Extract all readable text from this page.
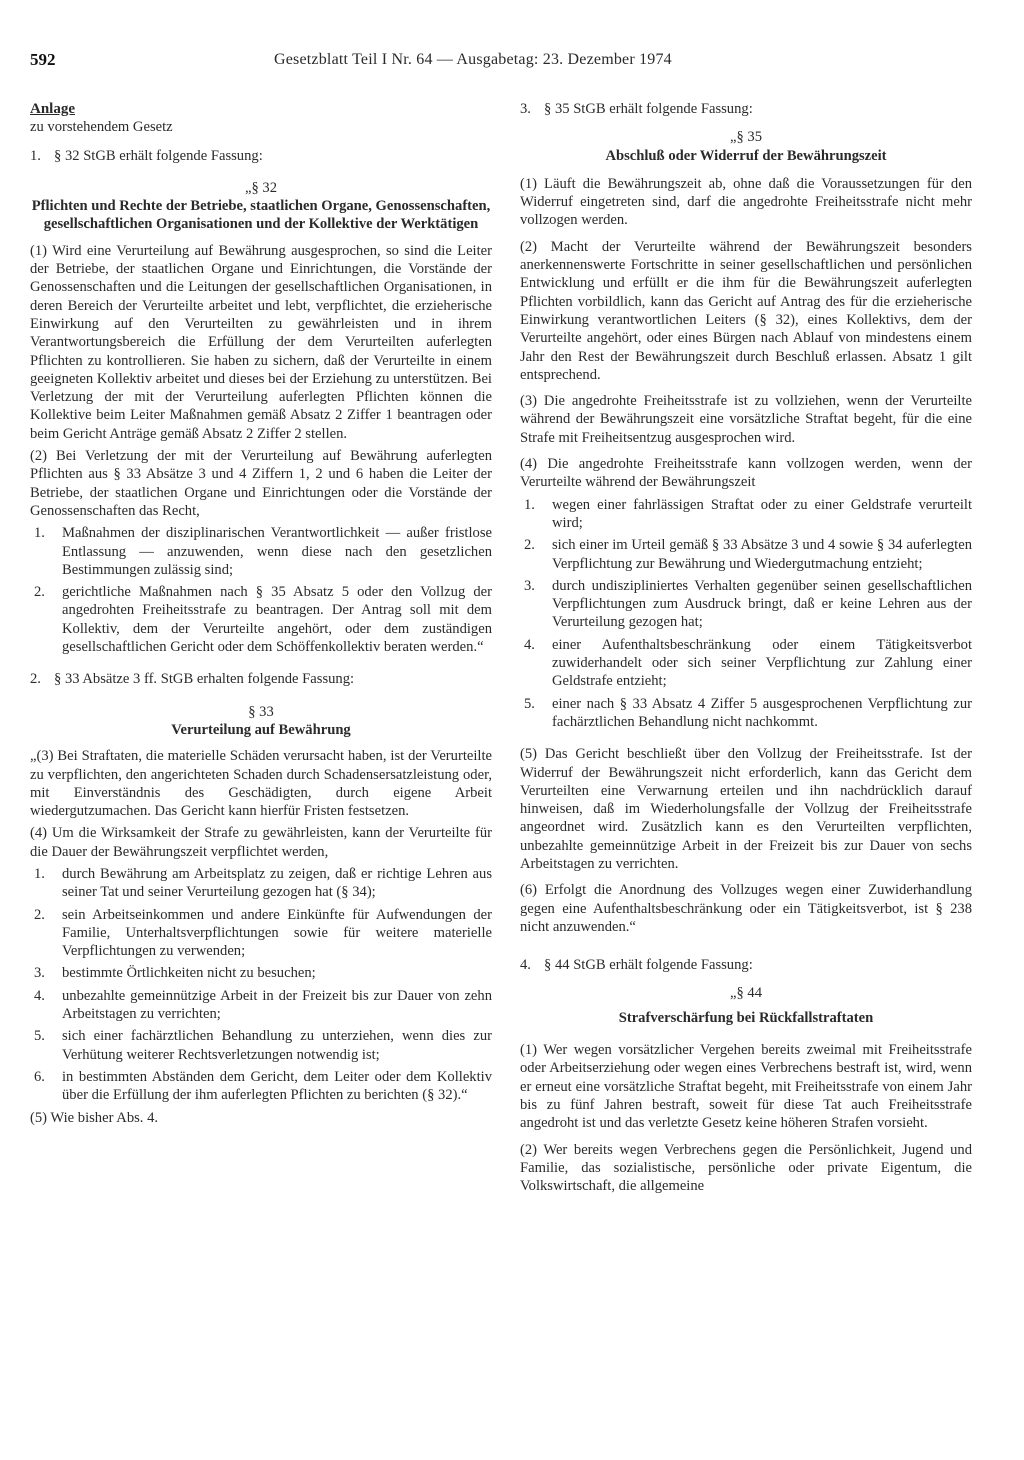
592	Gesetzblatt Teil I Nr. 64 — Ausgabetag: 23. Dezember 1974

Anlage

zu vorstehendem Gesetz

1. § 32 StGB erhält folgende Fassung:

„§ 32

Pflichten und Rechte der Betriebe, staatlichen Organe, Genossenschaften, gesellschaftlichen Organisationen und der Kollektive der Werktätigen

(1) Wird eine Verurteilung auf Bewährung ausgesprochen, so sind die Leiter der Betriebe, der staatlichen Organe und Einrichtungen, die Vorstände der Genossenschaften und die Leitungen der gesellschaftlichen Organisationen, in deren Bereich der Verurteilte arbeitet und lebt, verpflichtet, die erzieherische Einwirkung auf den Verurteilten zu gewährleisten und in ihrem Verantwortungsbereich die Erfüllung der dem Verurteilten auferlegten Pflichten zu kontrollieren. Sie haben zu sichern, daß der Verurteilte in einem geeigneten Kollektiv arbeitet und dieses bei der Erziehung zu unterstützen. Bei Verletzung der mit der Verurteilung auferlegten Pflichten können die Kollektive beim Leiter Maßnahmen gemäß Absatz 2 Ziffer 1 beantragen oder beim Gericht Anträge gemäß Absatz 2 Ziffer 2 stellen.

(2) Bei Verletzung der mit der Verurteilung auf Bewährung auferlegten Pflichten aus § 33 Absätze 3 und 4 Ziffern 1, 2 und 6 haben die Leiter der Betriebe, der staatlichen Organe und Einrichtungen oder die Vorstände der Genossenschaften das Recht,

1.	Maßnahmen der disziplinarischen Verantwortlichkeit — außer fristlose Entlassung — anzuwenden, wenn diese nach den gesetzlichen Bestimmungen zulässig sind;
2.	gerichtliche Maßnahmen nach § 35 Absatz 5 oder den Vollzug der angedrohten Freiheitsstrafe zu beantragen. Der Antrag soll mit dem Kollektiv, dem der Verurteilte angehört, oder dem zuständigen gesellschaftlichen Gericht oder dem Schöffenkollektiv beraten werden.“
2. § 33 Absätze 3 ff. StGB erhalten folgende Fassung:

§ 33

Verurteilung auf Bewährung

„(3) Bei Straftaten, die materielle Schäden verursacht haben, ist der Verurteilte zu verpflichten, den angerichteten Schaden durch Schadensersatzleistung oder, mit Einverständnis des Geschädigten, durch eigene Arbeit wiedergutzumachen. Das Gericht kann hierfür Fristen festsetzen.

(4) Um die Wirksamkeit der Strafe zu gewährleisten, kann der Verurteilte für die Dauer der Bewährungszeit verpflichtet werden,

1.	durch Bewährung am Arbeitsplatz zu zeigen, daß er richtige Lehren aus seiner Tat und seiner Verurteilung gezogen hat (§ 34);
2.	sein Arbeitseinkommen und andere Einkünfte für Aufwendungen der Familie, Unterhaltsverpflichtungen sowie für weitere materielle Verpflichtungen zu verwenden;
3.	bestimmte Örtlichkeiten nicht zu besuchen;
4.	unbezahlte gemeinnützige Arbeit in der Freizeit bis zur Dauer von zehn Arbeitstagen zu verrichten;
5.	sich einer fachärztlichen Behandlung zu unterziehen, wenn dies zur Verhütung weiterer Rechtsverletzungen notwendig ist;
6.	in bestimmten Abständen dem Gericht, dem Leiter oder dem Kollektiv über die Erfüllung der ihm auferlegten Pflichten zu berichten (§ 32).“

(5) Wie bisher Abs. 4.

3. § 35 StGB erhält folgende Fassung:

„§ 35

Abschluß oder Widerruf der Bewährungszeit

(1) Läuft die Bewährungszeit ab, ohne daß die Voraussetzungen für den Widerruf eingetreten sind, darf die angedrohte Freiheitsstrafe nicht mehr vollzogen werden.

(2) Macht der Verurteilte während der Bewährungszeit besonders anerkennenswerte Fortschritte in seiner gesellschaftlichen und persönlichen Entwicklung und erfüllt er die ihm für die Bewährungszeit auferlegten Pflichten vorbildlich, kann das Gericht auf Antrag des für die erzieherische Einwirkung verantwortlichen Leiters (§ 32), eines Kollektivs, dem der Verurteilte angehört, oder eines Bürgen nach Ablauf von mindestens einem Jahr den Rest der Bewährungszeit durch Beschluß erlassen. Absatz 1 gilt entsprechend.

(3) Die angedrohte Freiheitsstrafe ist zu vollziehen, wenn der Verurteilte während der Bewährungszeit eine vorsätzliche Straftat begeht, für die eine Strafe mit Freiheitsentzug ausgesprochen wird.

(4) Die angedrohte Freiheitsstrafe kann vollzogen werden, wenn der Verurteilte während der Bewährungszeit

1.	wegen einer fahrlässigen Straftat oder zu einer Geldstrafe verurteilt wird;
2.	sich einer im Urteil gemäß § 33 Absätze 3 und 4 sowie § 34 auferlegten Verpflichtung zur Bewährung und Wiedergutmachung entzieht;
3.	durch undiszipliniertes Verhalten gegenüber seinen gesellschaftlichen Verpflichtungen zum Ausdruck bringt, daß er keine Lehren aus der Verurteilung gezogen hat;
4.	einer Aufenthaltsbeschränkung oder einem Tätigkeitsverbot zuwiderhandelt oder sich seiner Verpflichtung zur Zahlung einer Geldstrafe entzieht;
5.	einer nach § 33 Absatz 4 Ziffer 5 ausgesprochenen Verpflichtung zur fachärztlichen Behandlung nicht nachkommt.

(5) Das Gericht beschließt über den Vollzug der Freiheitsstrafe. Ist der Widerruf der Bewährungszeit nicht erforderlich, kann das Gericht dem Verurteilten eine Verwarnung erteilen und ihn nachdrücklich darauf hinweisen, daß im Wiederholungsfalle der Vollzug der Freiheitsstrafe angeordnet wird. Zusätzlich kann es den Verurteilten verpflichten, unbezahlte gemeinnützige Arbeit in der Freizeit bis zur Dauer von sechs Arbeitstagen zu verrichten.

(6) Erfolgt die Anordnung des Vollzuges wegen einer Zuwiderhandlung gegen eine Aufenthaltsbeschränkung oder ein Tätigkeitsverbot, ist § 238 nicht anzuwenden.“

4. § 44 StGB erhält folgende Fassung:

„§ 44

Strafverschärfung bei Rückfallstraftaten

(1) Wer wegen vorsätzlicher Vergehen bereits zweimal mit Freiheitsstrafe oder Arbeitserziehung oder wegen eines Verbrechens bestraft ist, wird, wenn er erneut eine vorsätzliche Straftat begeht, mit Freiheitsstrafe von einem Jahr bis zu fünf Jahren bestraft, soweit für diese Tat auch Freiheitsstrafe angedroht ist und das verletzte Gesetz keine höheren Strafen vorsieht.

(2) Wer bereits wegen Verbrechens gegen die Persönlichkeit, Jugend und Familie, das sozialistische, persönliche oder private Eigentum, die Volkswirtschaft, die allgemeine
